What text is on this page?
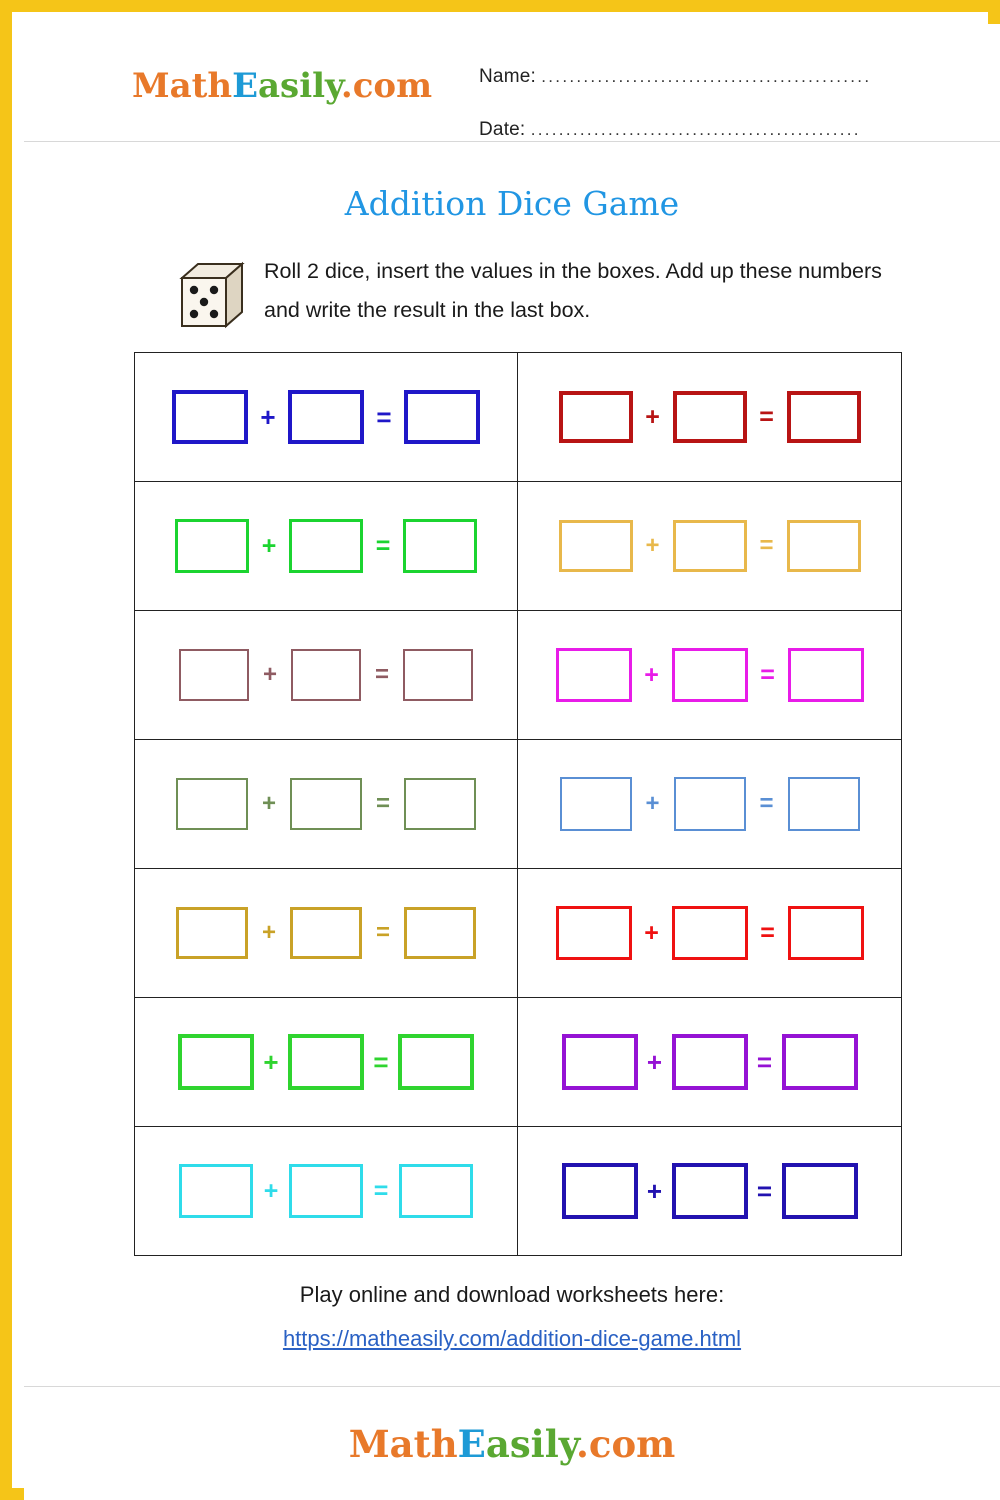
MathEasily.com Name: ...............................................
Date: ...............................................
Addition Dice Game
Roll 2 dice, insert the values in the boxes. Add up these numbers and write the result in the last box.
+	=	+	=
+	=	+	=
+	=	+	=
+	=	+	=
+	=	+	=
+	=	+	=
+	=	+	=
Play online and download worksheets here:
https://matheasily.com/addition-dice-game.html
MathEasily.com
